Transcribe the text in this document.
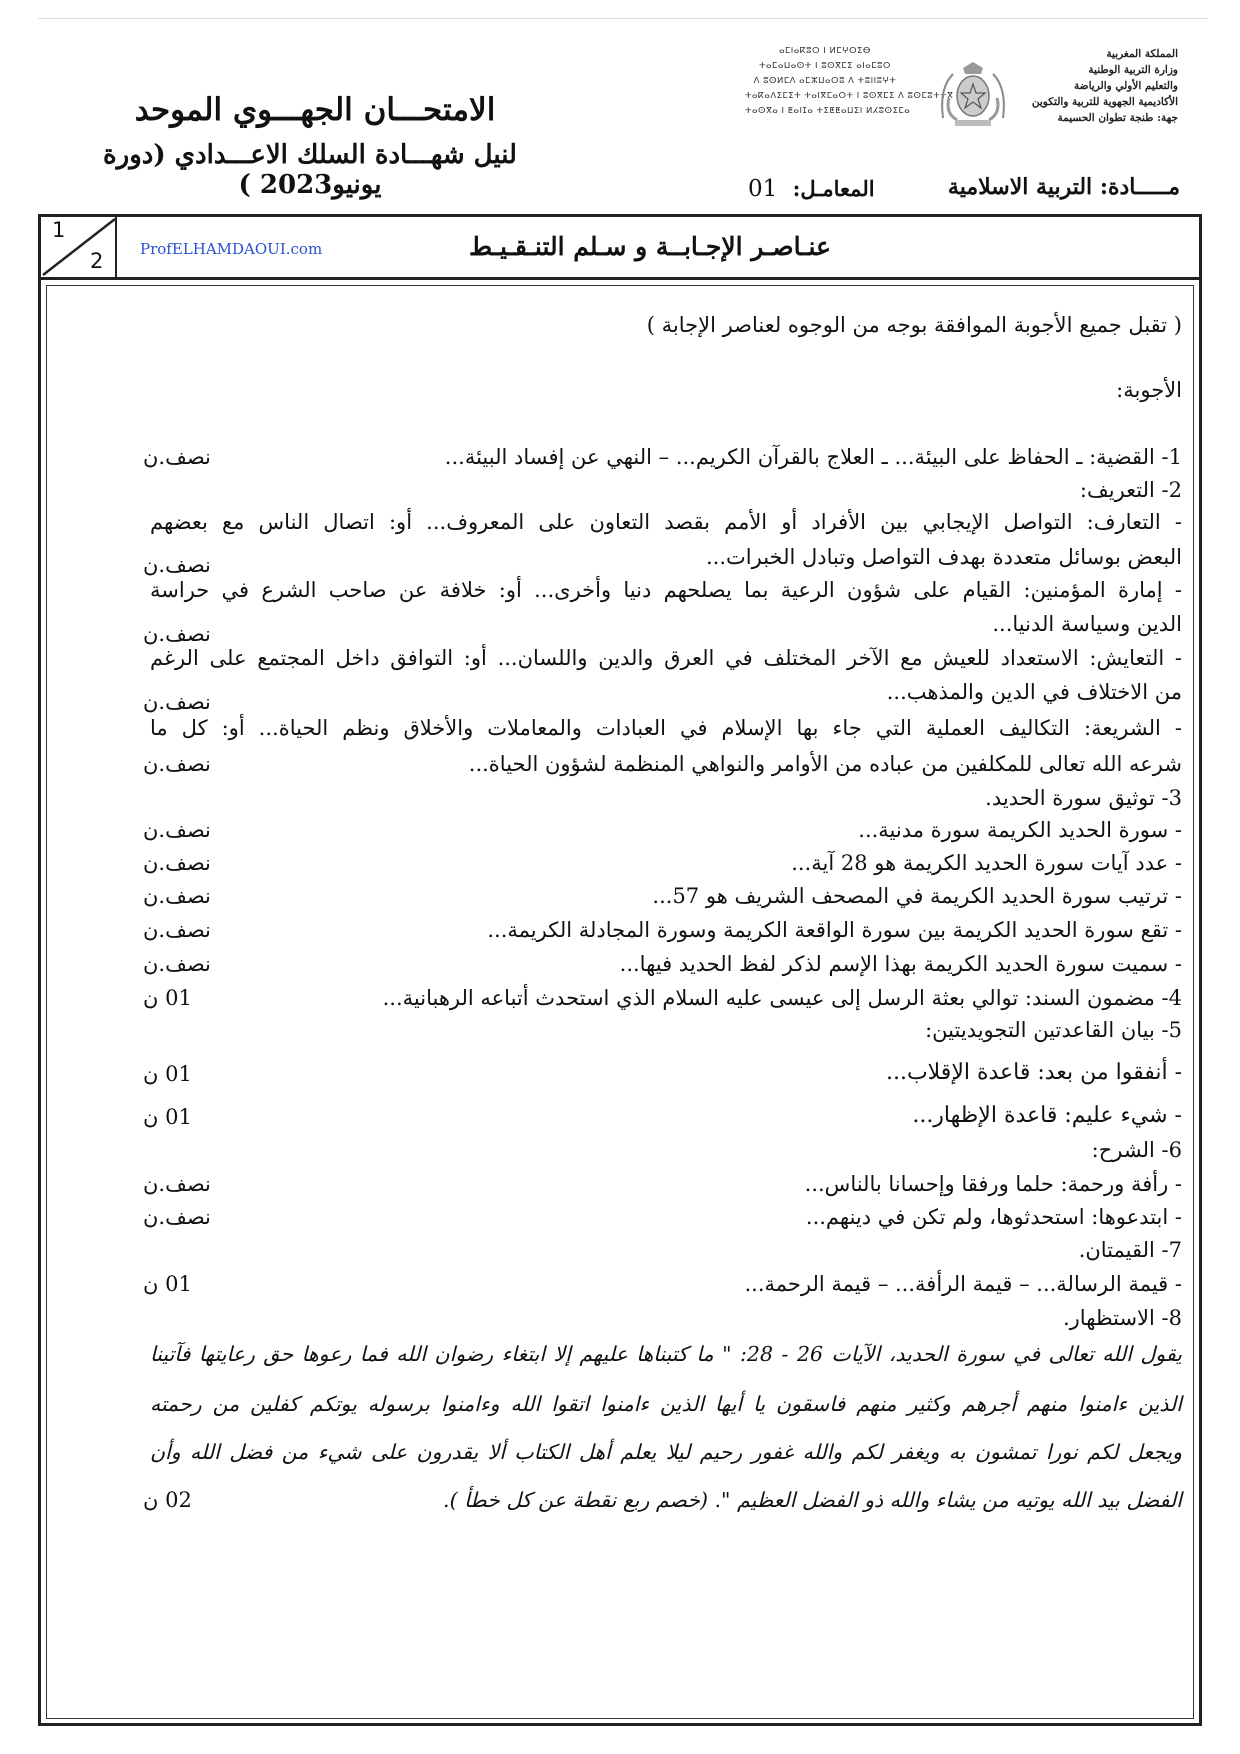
الامتحـــان الجهـــوي الموحد
لنيل شهـــادة السلك الاعـــدادي (دورة يونيو2023 )
ⴰⵎⵏⴰⴽⵓⵔ ⵏ ⵍⵎⵖⵔⵉⴱ
ⵜⴰⵎⴰⵡⴰⵙⵜ ⵏ ⵓⵙⴳⵎⵉ ⴰⵏⴰⵎⵓⵔ
ⴷ ⵓⵙⵍⵎⴷ ⴰⵎⵣⵡⴰⵔⵓ ⴷ ⵜⵓⵏⵏⵓⵖⵜ
ⵜⴰⴽⴰⴷⵉⵎⵉⵜ ⵜⴰⵏⴳⵎⴰⵔⵜ ⵏ ⵓⵙⴳⵎⵉ ⴷ ⵓⵙⵎⵓⵜⵜⴳ
ⵜⴰⵙⴳⴰ ⵏ ⵟⴰⵏⵊⴰ ⵜⵉⵟⵟⴰⵡⵉⵏ ⵍⵃⵓⵙⵉⵎⴰ
المملكة المغربية
وزارة التربية الوطنية
والتعليم الأولي والرياضة
الأكاديمية الجهوية للتربية والتكوين
جهة: طنجة تطوان الحسيمة
مـــــادة: التربية الاسلامية
المعامـل: 01
1
2 ProfELHAMDAOUI.com	عنـاصـر الإجـابــة و سـلم التنـقـيـط
( تقبل جميع الأجوبة الموافقة بوجه من الوجوه لعناصر الإجابة )
الأجوبة:
1- القضية: ـ الحفاظ على البيئة... ـ العلاج بالقرآن الكريم... – النهي عن إفساد البيئة...
نصف.ن
2- التعريف:
- التعارف: التواصل الإيجابي بين الأفراد أو الأمم بقصد التعاون على المعروف... أو: اتصال الناس مع بعضهم
البعض بوسائل متعددة بهدف التواصل وتبادل الخبرات...
نصف.ن
- إمارة المؤمنين: القيام على شؤون الرعية بما يصلحهم دنيا وأخرى... أو: خلافة عن صاحب الشرع في حراسة
الدين وسياسة الدنيا...
نصف.ن
- التعايش: الاستعداد للعيش مع الآخر المختلف في العرق والدين واللسان... أو: التوافق داخل المجتمع على الرغم
من الاختلاف في الدين والمذهب...
نصف.ن
- الشريعة: التكاليف العملية التي جاء بها الإسلام في العبادات والمعاملات والأخلاق ونظم الحياة... أو: كل ما
شرعه الله تعالى للمكلفين من عباده من الأوامر والنواهي المنظمة لشؤون الحياة...
نصف.ن
3- توثيق سورة الحديد.
- سورة الحديد الكريمة سورة مدنية...
نصف.ن
- عدد آيات سورة الحديد الكريمة هو 28 آية...
نصف.ن
- ترتيب سورة الحديد الكريمة في المصحف الشريف هو 57...
نصف.ن
- تقع سورة الحديد الكريمة بين سورة الواقعة الكريمة وسورة المجادلة الكريمة...
نصف.ن
- سميت سورة الحديد الكريمة بهذا الإسم لذكر لفظ الحديد فيها...
نصف.ن
4- مضمون السند: توالي بعثة الرسل إلى عيسى عليه السلام الذي استحدث أتباعه الرهبانية...
01 ن
5- بيان القاعدتين التجويديتين:
- أنفقوا من بعد: قاعدة الإقلاب...
01 ن
- شيء عليم: قاعدة الإظهار...
01 ن
6- الشرح:
- رأفة ورحمة: حلما ورفقا وإحسانا بالناس...
نصف.ن
- ابتدعوها: استحدثوها، ولم تكن في دينهم...
نصف.ن
7- القيمتان.
- قيمة الرسالة... – قيمة الرأفة... – قيمة الرحمة...
01 ن
8- الاستظهار.
يقول الله تعالى في سورة الحديد، الآيات 26 - 28: " ما كتبناها عليهم إلا ابتغاء رضوان الله فما رعوها حق رعايتها فآتينا
الذين ءامنوا منهم أجرهم وكثير منهم فاسقون يا أيها الذين ءامنوا اتقوا الله وءامنوا برسوله يوتكم كفلين من رحمته
ويجعل لكم نورا تمشون به ويغفر لكم والله غفور رحيم ليلا يعلم أهل الكتاب ألا يقدرون على شيء من فضل الله وأن
الفضل بيد الله يوتيه من يشاء والله ذو الفضل العظيم ". (خصم ربع نقطة عن كل خطأ ).
02 ن
